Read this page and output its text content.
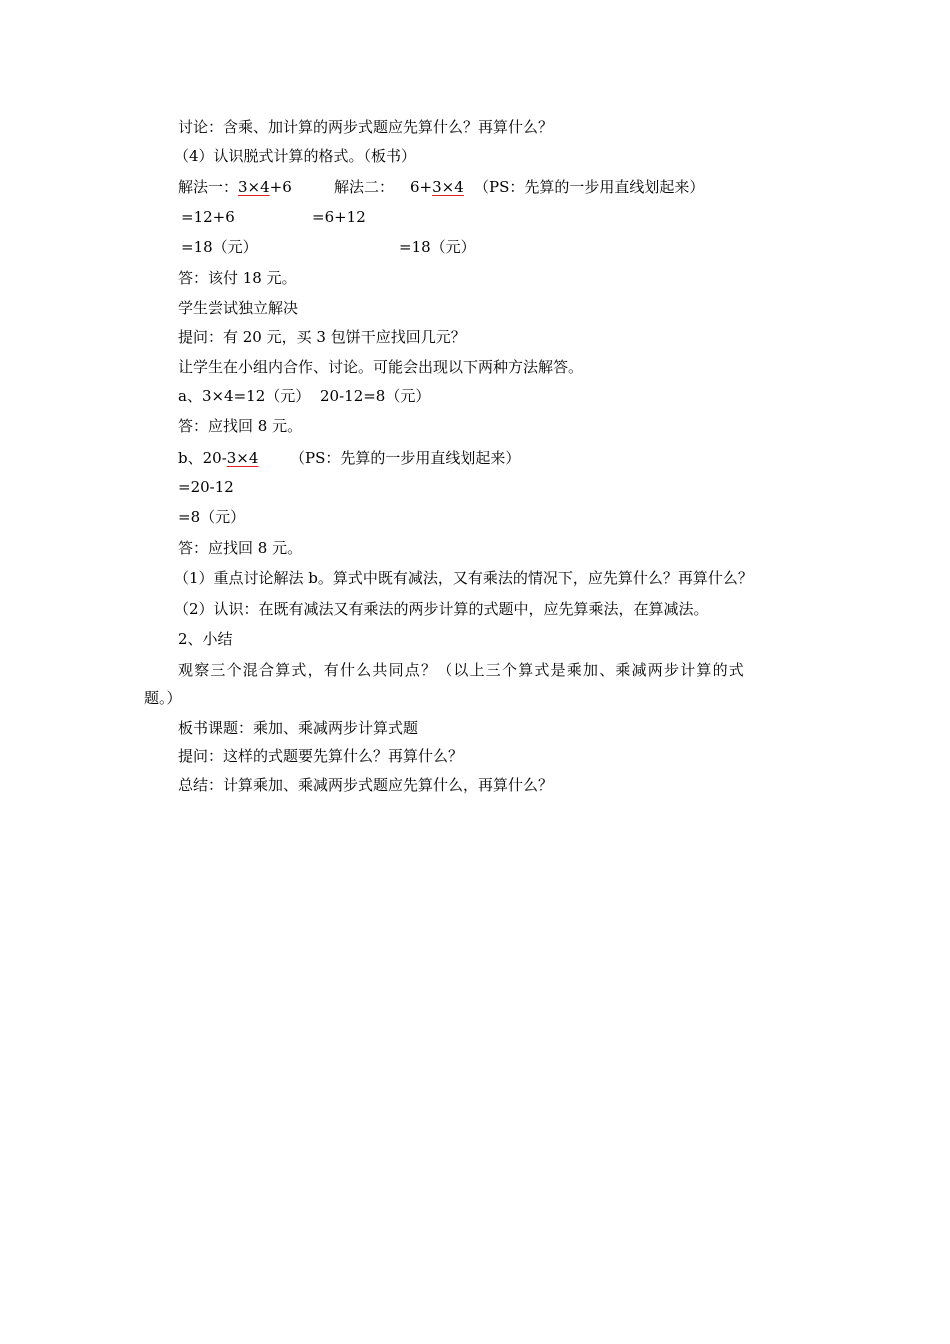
讨论：含乘、加计算的两步式题应先算什么？再算什么？
（4）认识脱式计算的格式。（板书）
解法一：3×4+6	解法二： 6+3×4 （PS：先算的一步用直线划起来）
=12+6	=6+12
=18（元）	=18（元）
答：该付 18 元。
学生尝试独立解决
提问：有 20 元，买 3 包饼干应找回几元？
让学生在小组内合作、讨论。可能会出现以下两种方法解答。
a、3×4=12（元） 20-12=8（元）
答：应找回 8 元。
b、20-3×4 （PS：先算的一步用直线划起来）
=20-12
=8（元）
答：应找回 8 元。
（1）重点讨论解法 b。算式中既有减法，又有乘法的情况下，应先算什么？再算什么？
（2）认识：在既有减法又有乘法的两步计算的式题中，应先算乘法，在算减法。
2、小结
观察三个混合算式，有什么共同点？（以上三个算式是乘加、乘减两步计算的式
题。）
板书课题：乘加、乘减两步计算式题
提问：这样的式题要先算什么？再算什么？
总结：计算乘加、乘减两步式题应先算什么，再算什么？
